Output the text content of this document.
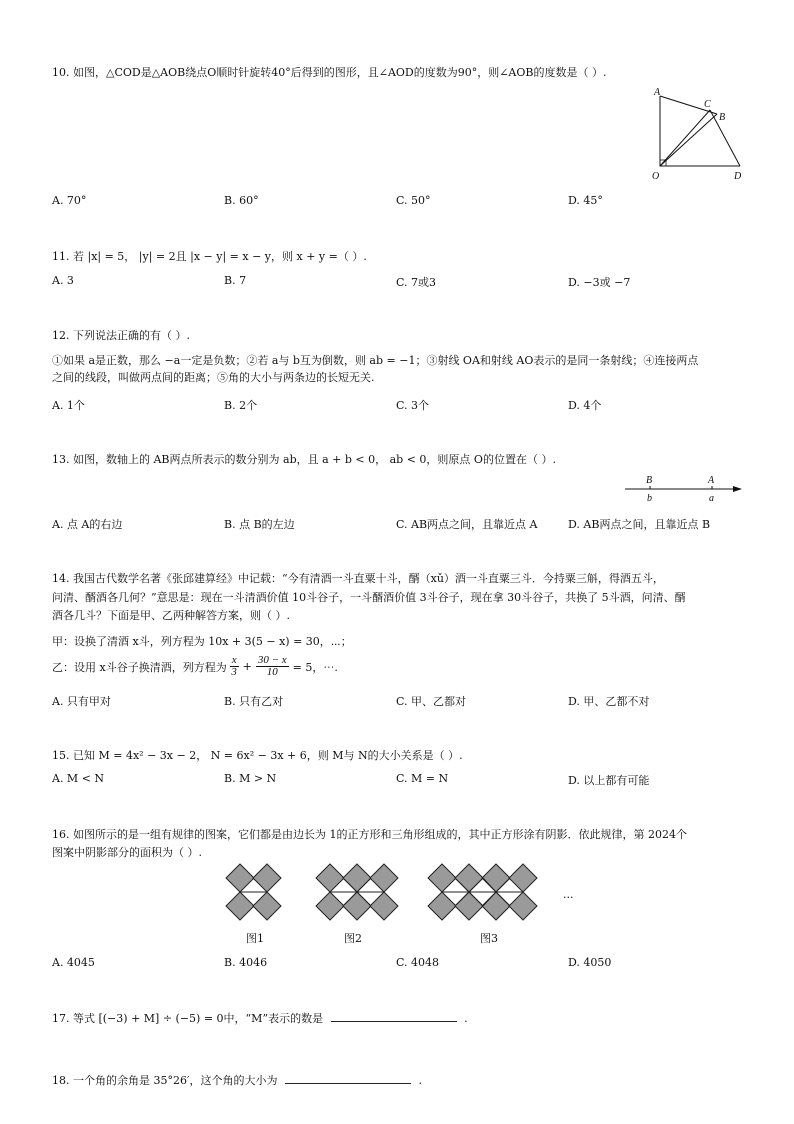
10. 如图，△COD是△AOB绕点O顺时针旋转40°后得到的图形，且∠AOD的度数为90°，则∠AOB的度数是（ ）.
A
C
B
O	D
A. 70°	B. 60°	C. 50°	D. 45°
11. 若 |x| = 5， |y| = 2且 |x − y| = x − y，则 x + y =（ ）.
A. 3	B. 7	C. 7或3	D. −3或 −7
12. 下列说法正确的有（ ）.
①如果 a是正数，那么 −a一定是负数；②若 a与 b互为倒数，则 ab = −1；③射线 OA和射线 AO表示的是同一条射线；④连接两点
之间的线段，叫做两点间的距离；⑤角的大小与两条边的长短无关.
A. 1个	B. 2个	C. 3个	D. 4个
13. 如图，数轴上的 AB两点所表示的数分别为 ab，且 a + b < 0， ab < 0，则原点 O的位置在（ ）.
B	A
b	a
A. 点 A的右边	B. 点 B的左边	C. AB两点之间，且靠近点 A	D. AB两点之间，且靠近点 B
14. 我国古代数学名著《张邱建算经》中记载：“今有清酒一斗直粟十斗，醑（xǔ）酒一斗直粟三斗．今持粟三斛，得酒五斗，
问清、醑酒各几何？”意思是：现在一斗清酒价值 10斗谷子，一斗醑酒价值 3斗谷子，现在拿 30斗谷子，共换了 5斗酒，问清、醑
酒各几斗？下面是甲、乙两种解答方案，则（ ）.
甲：设换了清酒 x斗，列方程为 10x + 3(5 − x) = 30，⋯；
乙：设用 x斗谷子换清酒，列方程为 $\frac{x}{3} + \frac{30 - x}{10} = 5$，⋯.
A. 只有甲对	B. 只有乙对	C. 甲、乙都对	D. 甲、乙都不对
15. 已知 M = 4x² − 3x − 2， N = 6x² − 3x + 6，则 M与 N的大小关系是（ ）.
A. M < N	B. M > N	C. M = N	D. 以上都有可能
16. 如图所示的是一组有规律的图案，它们都是由边长为 1的正方形和三角形组成的，其中正方形涂有阴影．依此规律，第 2024个
图案中阴影部分的面积为（ ）.
...
图1	图2	图3
A. 4045	B. 4046	C. 4048	D. 4050
17. 等式 [(−3) + M] ÷ (−5) = 0中，“M”表示的数是	.
18. 一个角的余角是 35°26′，这个角的大小为	.
